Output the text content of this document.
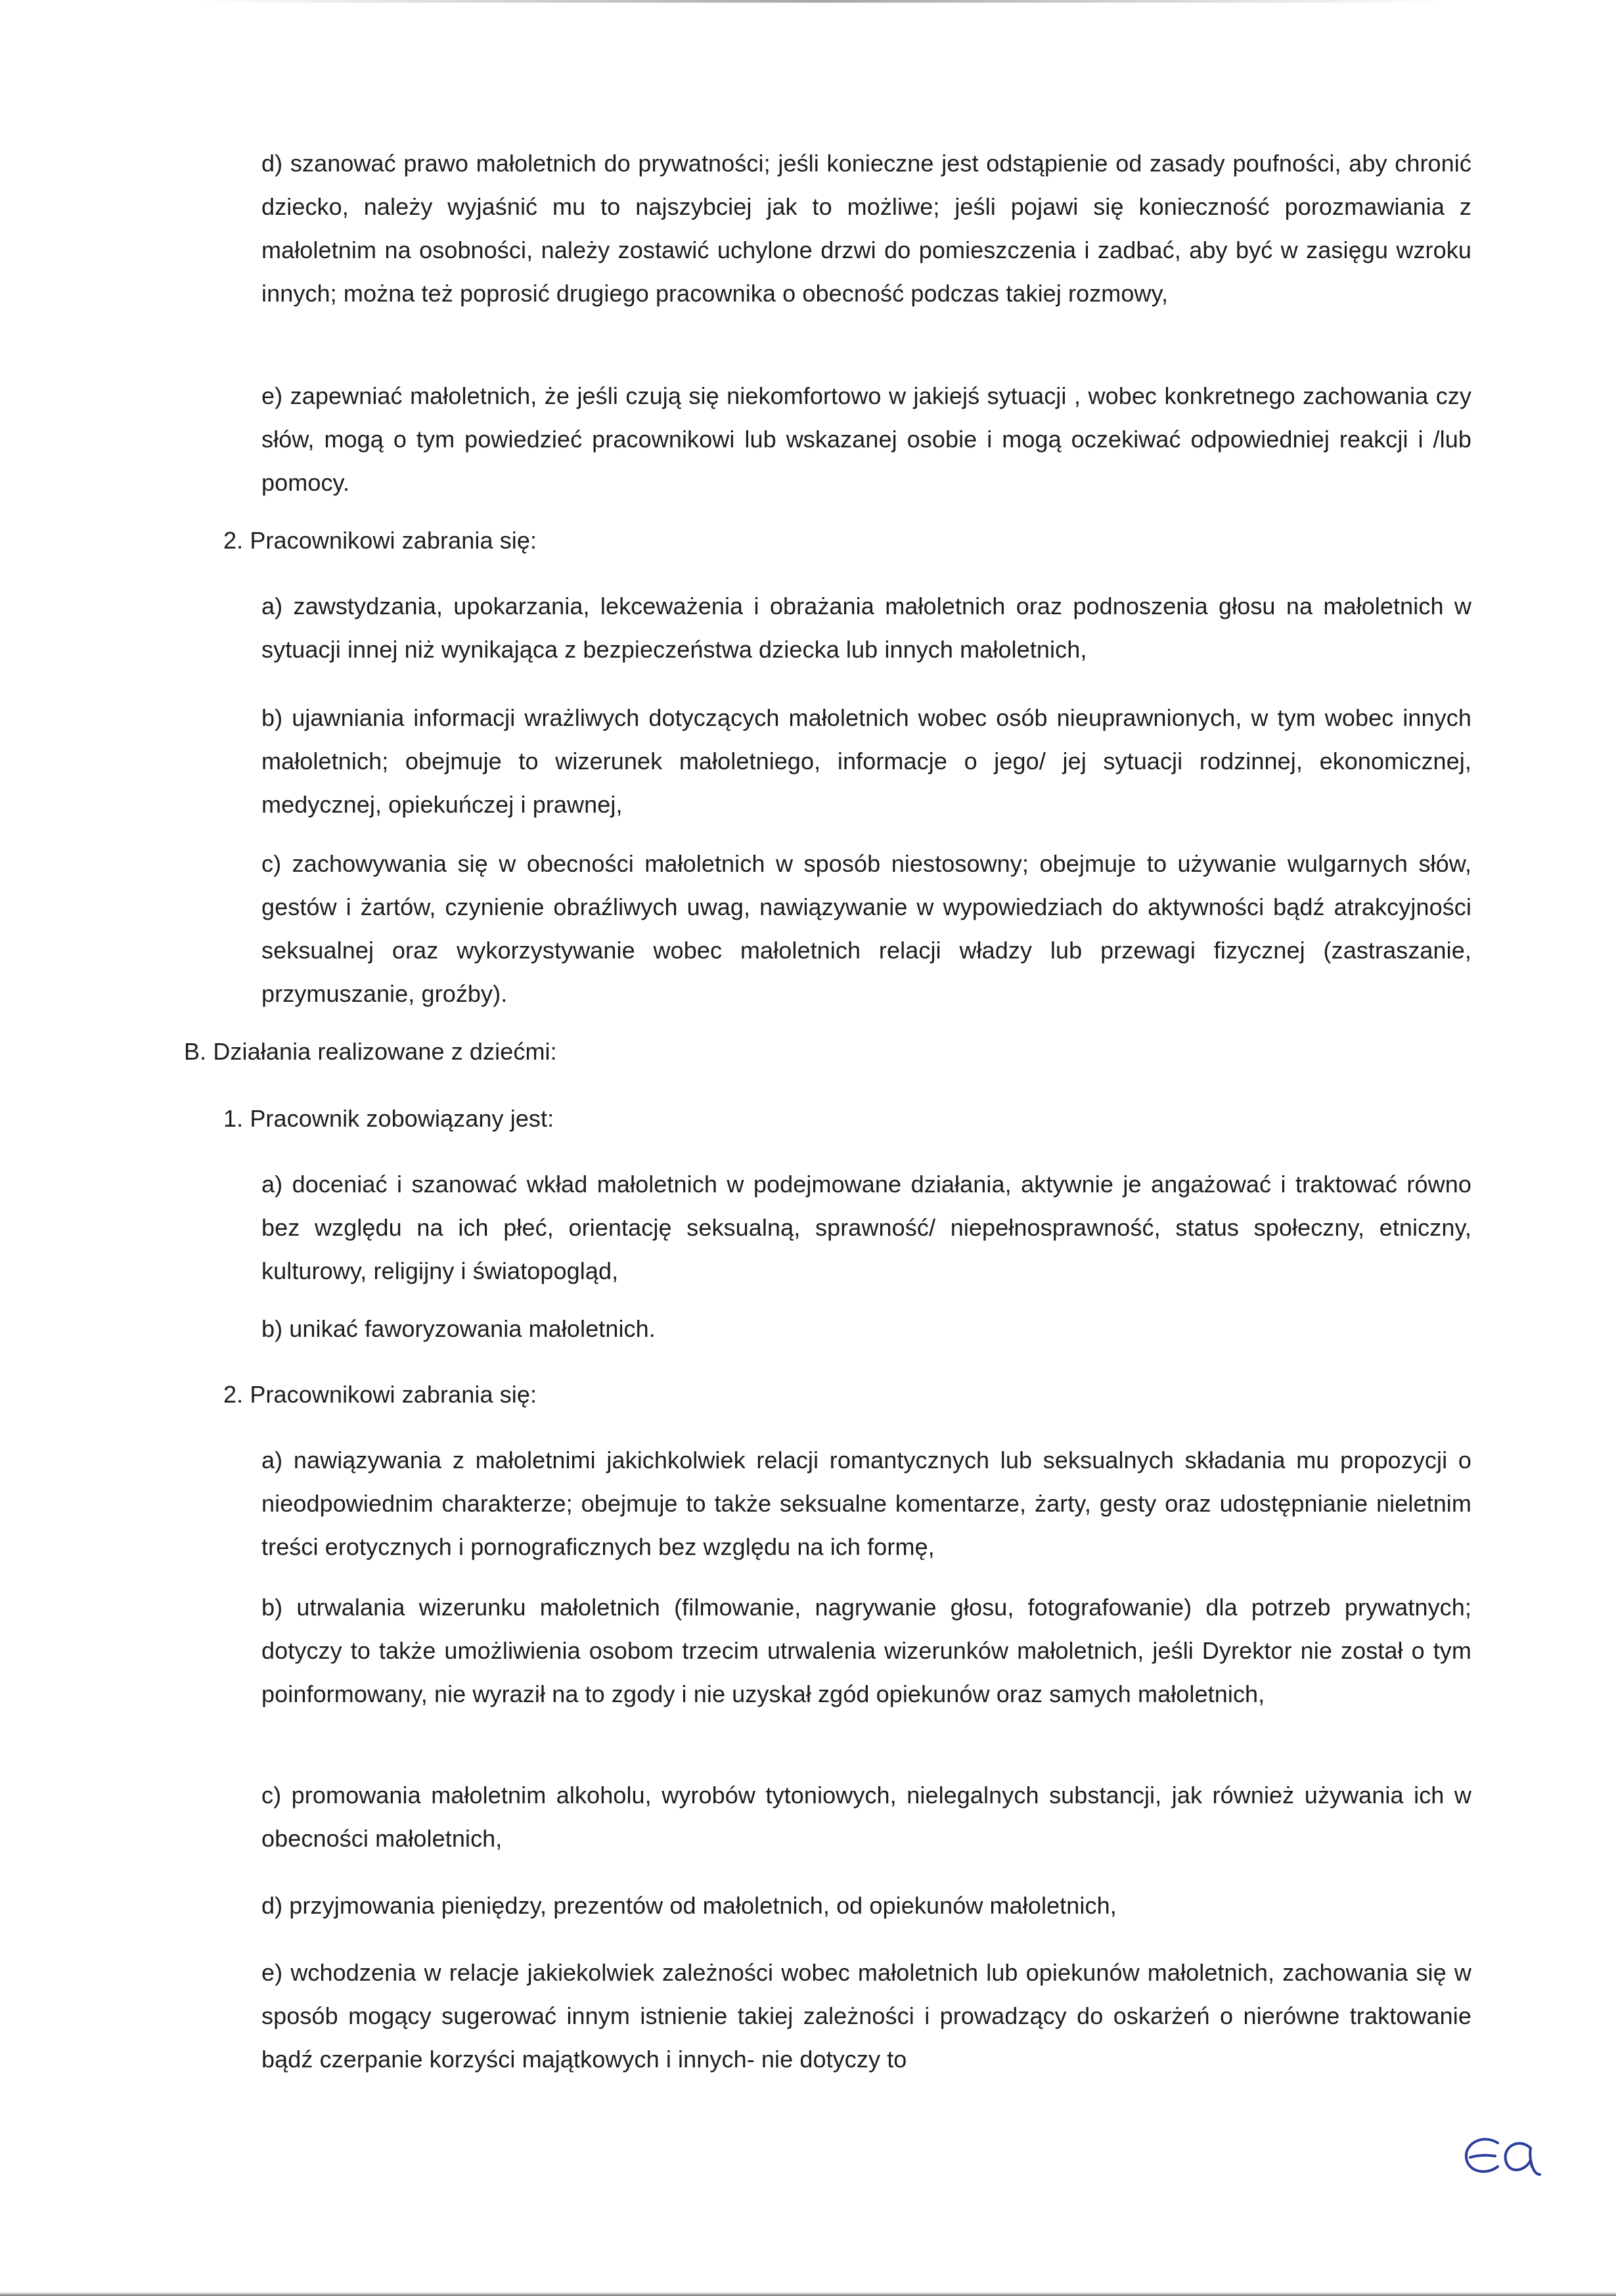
d) szanować prawo małoletnich do prywatności; jeśli konieczne jest odstąpienie od zasady poufności, aby chronić dziecko, należy wyjaśnić mu to najszybciej jak to możliwe; jeśli pojawi się konieczność porozmawiania z małoletnim na osobności, należy zostawić uchylone drzwi do pomieszczenia i zadbać, aby być w zasięgu wzroku innych; można też poprosić drugiego pracownika o obecność podczas takiej rozmowy,

e) zapewniać małoletnich, że jeśli czują się niekomfortowo w jakiejś sytuacji , wobec konkretnego zachowania czy słów, mogą o tym powiedzieć pracownikowi lub wskazanej osobie i mogą oczekiwać odpowiedniej reakcji i /lub pomocy.

2. Pracownikowi zabrania się:

a) zawstydzania, upokarzania, lekceważenia i obrażania małoletnich oraz podnoszenia głosu na małoletnich w sytuacji innej niż wynikająca z bezpieczeństwa dziecka lub innych małoletnich,

b) ujawniania informacji wrażliwych dotyczących małoletnich wobec osób nieuprawnionych, w tym wobec innych małoletnich; obejmuje to wizerunek małoletniego, informacje o jego/ jej sytuacji rodzinnej, ekonomicznej, medycznej, opiekuńczej i prawnej,

c) zachowywania się w obecności małoletnich w sposób niestosowny; obejmuje to używanie wulgarnych słów, gestów i żartów, czynienie obraźliwych uwag, nawiązywanie w wypowiedziach do aktywności bądź atrakcyjności seksualnej oraz wykorzystywanie wobec małoletnich relacji władzy lub przewagi fizycznej (zastraszanie, przymuszanie, groźby).

B. Działania realizowane z dziećmi:

1. Pracownik zobowiązany jest:

a) doceniać i szanować wkład małoletnich w podejmowane działania, aktywnie je angażować i traktować równo bez względu na ich płeć, orientację seksualną, sprawność/ niepełnosprawność, status społeczny, etniczny, kulturowy, religijny i światopogląd,

b) unikać faworyzowania małoletnich.

2. Pracownikowi zabrania się:

a) nawiązywania z małoletnimi jakichkolwiek relacji romantycznych lub seksualnych składania mu propozycji o nieodpowiednim charakterze; obejmuje to także seksualne komentarze, żarty, gesty oraz udostępnianie nieletnim treści erotycznych i pornograficznych bez względu na ich formę,

b) utrwalania wizerunku małoletnich (filmowanie, nagrywanie głosu, fotografowanie) dla potrzeb prywatnych; dotyczy to także umożliwienia osobom trzecim utrwalenia wizerunków małoletnich, jeśli Dyrektor nie został o tym poinformowany, nie wyraził na to zgody i nie uzyskał zgód opiekunów oraz samych małoletnich,

c) promowania małoletnim alkoholu, wyrobów tytoniowych, nielegalnych substancji, jak również używania ich w obecności małoletnich,

d) przyjmowania pieniędzy, prezentów od małoletnich, od opiekunów małoletnich,

e) wchodzenia w relacje jakiekolwiek zależności wobec małoletnich lub opiekunów małoletnich, zachowania się w sposób mogący sugerować innym istnienie takiej zależności i prowadzący do oskarżeń o nierówne traktowanie bądź czerpanie korzyści majątkowych i innych- nie dotyczy to
